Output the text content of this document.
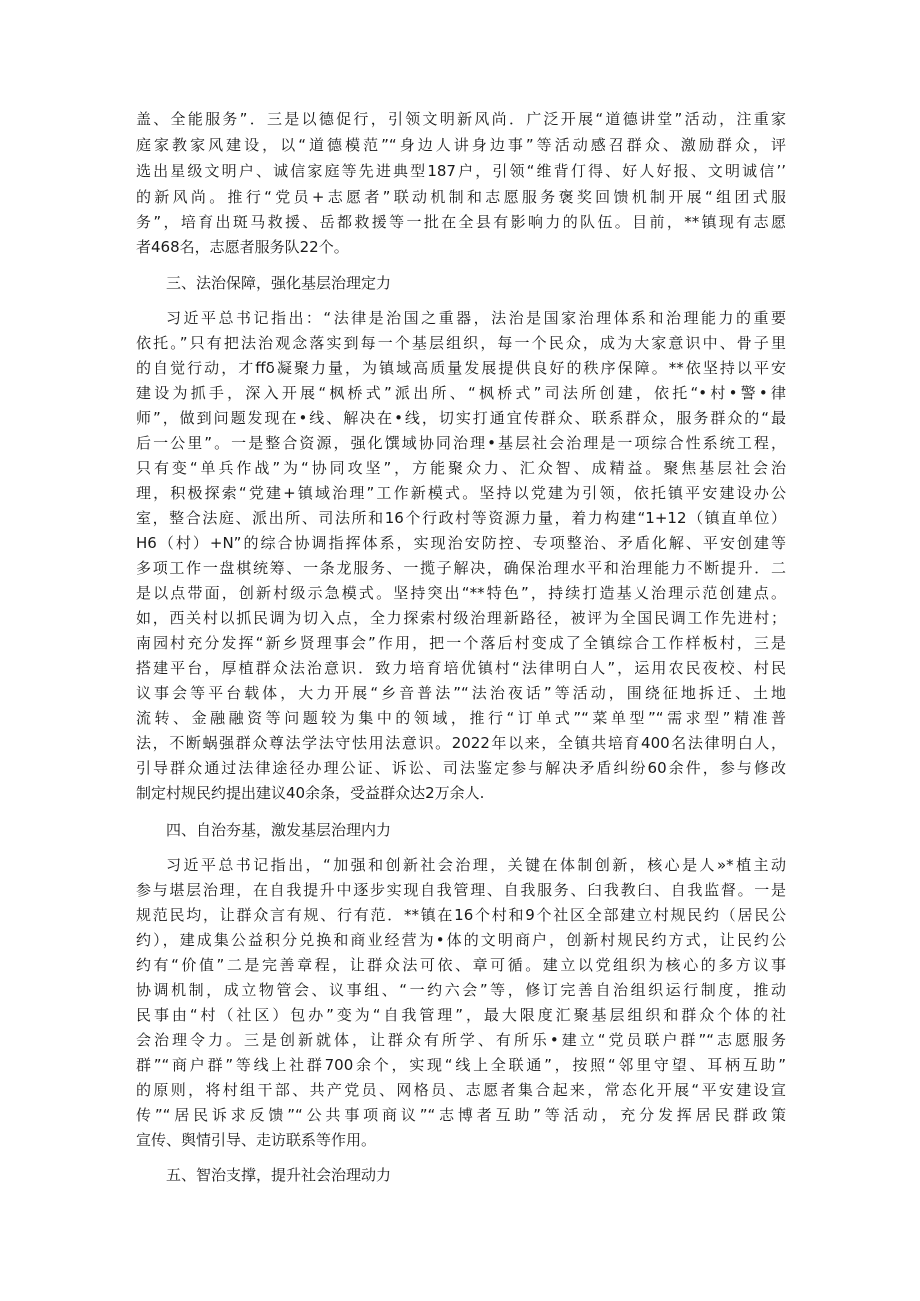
盖、全能服务”．三是以德促行，引领文明新风尚．广泛开展“道德讲堂”活动，注重家

庭家教家风建设，以“道德模范”“身边人讲身边事”等活动感召群众、激励群众，评

选出星级文明户、诚信家庭等先进典型187户，引领“维背仃得、好人好报、文明诚信’’

的新风尚。推行“党员+志愿者”联动机制和志愿服务褒奖回馈机制开展“组团式服

务”，培育出斑马救援、岳都救援等一批在全县有影响力的队伍。目前，**镇现有志愿

者468名，志愿者服务队22个。

三、法治保障，强化基层治理定力

习近平总书记指出：“法律是治国之重器，法治是国家治理体系和治理能力的重要

依托。”只有把法治观念落实到每一个基层组织，每一个民众，成为大家意识中、骨子里

的自觉行动，才ffδ凝聚力量，为镇域高质量发展提供良好的秩序保障。**依坚持以平安

建设为抓手，深入开展“枫桥式”派出所、“枫桥式”司法所创建，依托“•村•警•律

师”，做到问题发现在•线、解决在•线，切实打通宜传群众、联系群众，服务群众的“最

后一公里”。一是整合资源，强化馔域协同治理•基层社会治理是一项综合性系统工程，

只有变“单兵作战”为“协同攻坚”，方能聚众力、汇众智、成精益。聚焦基层社会治

理，积极探索“党建+镇域治理”工作新模式。坚持以党建为引领，依托镇平安建设办公

室，整合法庭、派出所、司法所和16个行政村等资源力量，着力构建“1+12（镇直单位）

H6（村）+N”的综合协调指挥体系，实现治安防控、专项整治、矛盾化解、平安创建等

多项工作一盘棋统筹、一条龙服务、一揽子解决，确保治理水平和治理能力不断提升．二

是以点带面，创新村级示急模式。坚持突出“**特色”，持续打造基乂治理示范创建点。

如，西关村以抓民调为切入点，全力探索村级治理新路径，被评为全国民调工作先进村；

南园村充分发挥“新乡贤理事会”作用，把一个落后村变成了全镇综合工作样板村，三是

搭建平台，厚植群众法治意识．致力培育培优镇村“法律明白人”，运用农民夜校、村民

议事会等平台载体，大力开展“乡音普法”“法治夜话”等活动，围绕征地拆迁、土地

流转、金融融资等问题较为集中的领域，推行“订单式”“菜单型”“需求型”精准普

法，不断蜗强群众尊法学法守怯用法意识。2022年以来，全镇共培育400名法律明白人，

引导群众通过法律途径办理公证、诉讼、司法鉴定参与解决矛盾纠纷60余件，参与修改

制定村规民约提出建议40余条，受益群众达2万余人.

四、自治夯基，激发基层治理内力

习近平总书记指出，“加强和创新社会治理，关键在体制创新，核心是人»*植主动

参与堪层治理，在自我提升中逐步实现自我管理、自我服务、臼我教臼、自我监督。一是

规范民均，让群众言有规、行有范．**镇在16个村和9个社区全部建立村规民约（居民公

约），建成集公益积分兑换和商业经营为•体的文明商户，创新村规民约方式，让民约公

约有“价值”二是完善章程，让群众法可依、章可循。建立以党组织为核心的多方议事

协调机制，成立物管会、议事组、“一约六会”等，修订完善自治组织运行制度，推动

民事由“村（社区）包办”变为“自我管理”，最大限度汇聚基层组织和群众个体的社

会治理令力。三是创新就体，让群众有所学、有所乐•建立“党员联户群”“志愿服务

群”“商户群”等线上社群700余个，实现“线上全联通”，按照“邻里守望、耳柄互助”

的原则，将村组干部、共产党员、网格员、志愿者集合起来，常态化开展“平安建设宣

传”“居民诉求反馈”“公共事项商议”“志博者互助”等活动，充分发挥居民群政策

宣传、舆情引导、走访联系等作用。

五、智治支撑，提升社会治理动力
